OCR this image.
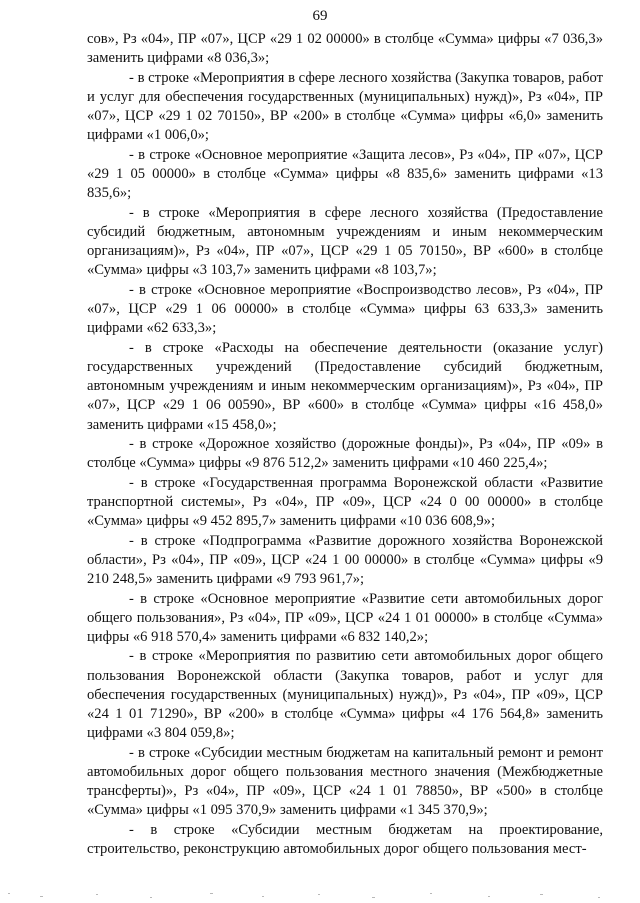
69

сов», Рз «04», ПР «07», ЦСР «29 1 02 00000» в столбце «Сумма» цифры «7 036,3» заменить цифрами «8 036,3»;

- в строке «Мероприятия в сфере лесного хозяйства (Закупка товаров, работ и услуг для обеспечения государственных (муниципальных) нужд)», Рз «04», ПР «07», ЦСР «29 1 02 70150», ВР «200» в столбце «Сумма» цифры «6,0» заменить цифрами «1 006,0»;

- в строке «Основное мероприятие «Защита лесов», Рз «04», ПР «07», ЦСР «29 1 05 00000» в столбце «Сумма» цифры «8 835,6» заменить цифрами «13 835,6»;

- в строке «Мероприятия в сфере лесного хозяйства (Предоставление субсидий бюджетным, автономным учреждениям и иным некоммерческим организациям)», Рз «04», ПР «07», ЦСР «29 1 05 70150», ВР «600» в столбце «Сумма» цифры «3 103,7» заменить цифрами «8 103,7»;

- в строке «Основное мероприятие «Воспроизводство лесов», Рз «04», ПР «07», ЦСР «29 1 06 00000» в столбце «Сумма» цифры 63 633,3» заменить цифрами «62 633,3»;

- в строке «Расходы на обеспечение деятельности (оказание услуг) государственных учреждений (Предоставление субсидий бюджетным, автономным учреждениям и иным некоммерческим организациям)», Рз «04», ПР «07», ЦСР «29 1 06 00590», ВР «600» в столбце «Сумма» цифры «16 458,0» заменить цифрами «15 458,0»;

- в строке «Дорожное хозяйство (дорожные фонды)», Рз «04», ПР «09» в столбце «Сумма» цифры «9 876 512,2» заменить цифрами «10 460 225,4»;

- в строке «Государственная программа Воронежской области «Развитие транспортной системы», Рз «04», ПР «09», ЦСР «24 0 00 00000» в столбце «Сумма» цифры «9 452 895,7» заменить цифрами «10 036 608,9»;

- в строке «Подпрограмма «Развитие дорожного хозяйства Воронежской области», Рз «04», ПР «09», ЦСР «24 1 00 00000» в столбце «Сумма» цифры «9 210 248,5» заменить цифрами «9 793 961,7»;

- в строке «Основное мероприятие «Развитие сети автомобильных дорог общего пользования», Рз «04», ПР «09», ЦСР «24 1 01 00000» в столбце «Сумма» цифры «6 918 570,4» заменить цифрами «6 832 140,2»;

- в строке «Мероприятия по развитию сети автомобильных дорог общего пользования Воронежской области (Закупка товаров, работ и услуг для обеспечения государственных (муниципальных) нужд)», Рз «04», ПР «09», ЦСР «24 1 01 71290», ВР «200» в столбце «Сумма» цифры «4 176 564,8» заменить цифрами «3 804 059,8»;

- в строке «Субсидии местным бюджетам на капитальный ремонт и ремонт автомобильных дорог общего пользования местного значения (Межбюджетные трансферты)», Рз «04», ПР «09», ЦСР «24 1 01 78850», ВР «500» в столбце «Сумма» цифры «1 095 370,9» заменить цифрами «1 345 370,9»;

- в строке «Субсидии местным бюджетам на проектирование, строительство, реконструкцию автомобильных дорог общего пользования мест-
